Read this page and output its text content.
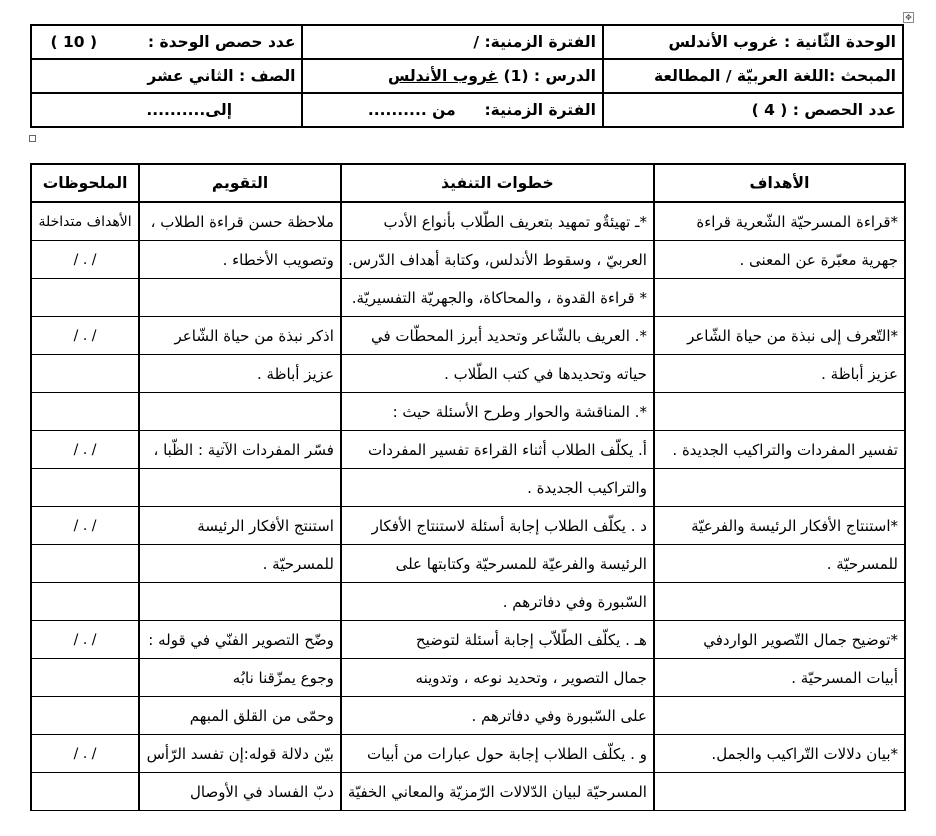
✥
الوحدة الثّانية : غروب الأندلس	الفترة الزمنية: /	عدد حصص الوحدة :  ( 10 )
المبحث :اللغة العربيّة / المطالعة	الدرس : (1) غروب الأندلس	الصف : الثاني عشر
عدد الحصص : ( 4 )	الفترة الزمنية:  من ..........	إلى..........
الأهداف	خطوات التنفيذ	التقويم	الملحوظات
*قراءة المسرحيّة الشّعرية قراءة	*ـ تهيئةٌو تمهيد بتعريف الطّلاب بأنواع الأدب	ملاحظة حسن قراءة الطلاب ،	الأهداف متداخلة
جهرية معبّرة عن المعنى .	العربيّ ، وسقوط الأندلس، وكتابة أهداف الدّرس.	وتصويب الأخطاء .	/ . /
	* قراءة القدوة ، والمحاكاة، والجهريّة التفسيريّة.		
*التّعرف إلى نبذة من حياة الشّاعر	*. العريف بالشّاعر وتحديد أبرز المحطّات في	اذكر نبذة من حياة الشّاعر	/ . /
عزيز أباظة .	حياته وتحديدها في كتب الطّلاب .	عزيز أباظة .	
	*. المناقشة والحوار وطرح الأسئلة حيث :		
تفسير المفردات والتراكيب الجديدة .	أ. يكلّف الطلاب أثناء القراءة تفسير المفردات	فسّر المفردات الآتية : الظّبا ،	/ . /
	والتراكيب الجديدة .		
*استنتاج الأفكار الرئيسة والفرعيّة	د . يكلّف الطلاب إجابة أسئلة لاستنتاج الأفكار	استنتج الأفكار الرئيسة	/ . /
للمسرحيّة .	الرئيسة والفرعيّة للمسرحيّة وكتابتها على	للمسرحيّة .	
	السّبورة وفي دفاترهم .		
*توضيح جمال التّصوير الواردفي	هـ . يكلّف الطّلاّب إجابة أسئلة لتوضيح	وضّح التصوير الفنّي في قوله :	/ . /
أبيات المسرحيّة .	جمال التصوير ، وتحديد نوعه ، وتدوينه	وجوع يمزّقنا نابُه	
	على السّبورة وفي دفاترهم .	وحمّى من القلق المبهم	
*بيان دلالات التّراكيب والجمل.	و . يكلّف الطلاب إجابة حول عبارات من أبيات	بيّن دلالة قوله:إن تفسد الرّأس	/ . /
	المسرحيّة لبيان الدّلالات الرّمزيّة والمعاني الخفيّة	دبّ الفساد في الأوصال	
